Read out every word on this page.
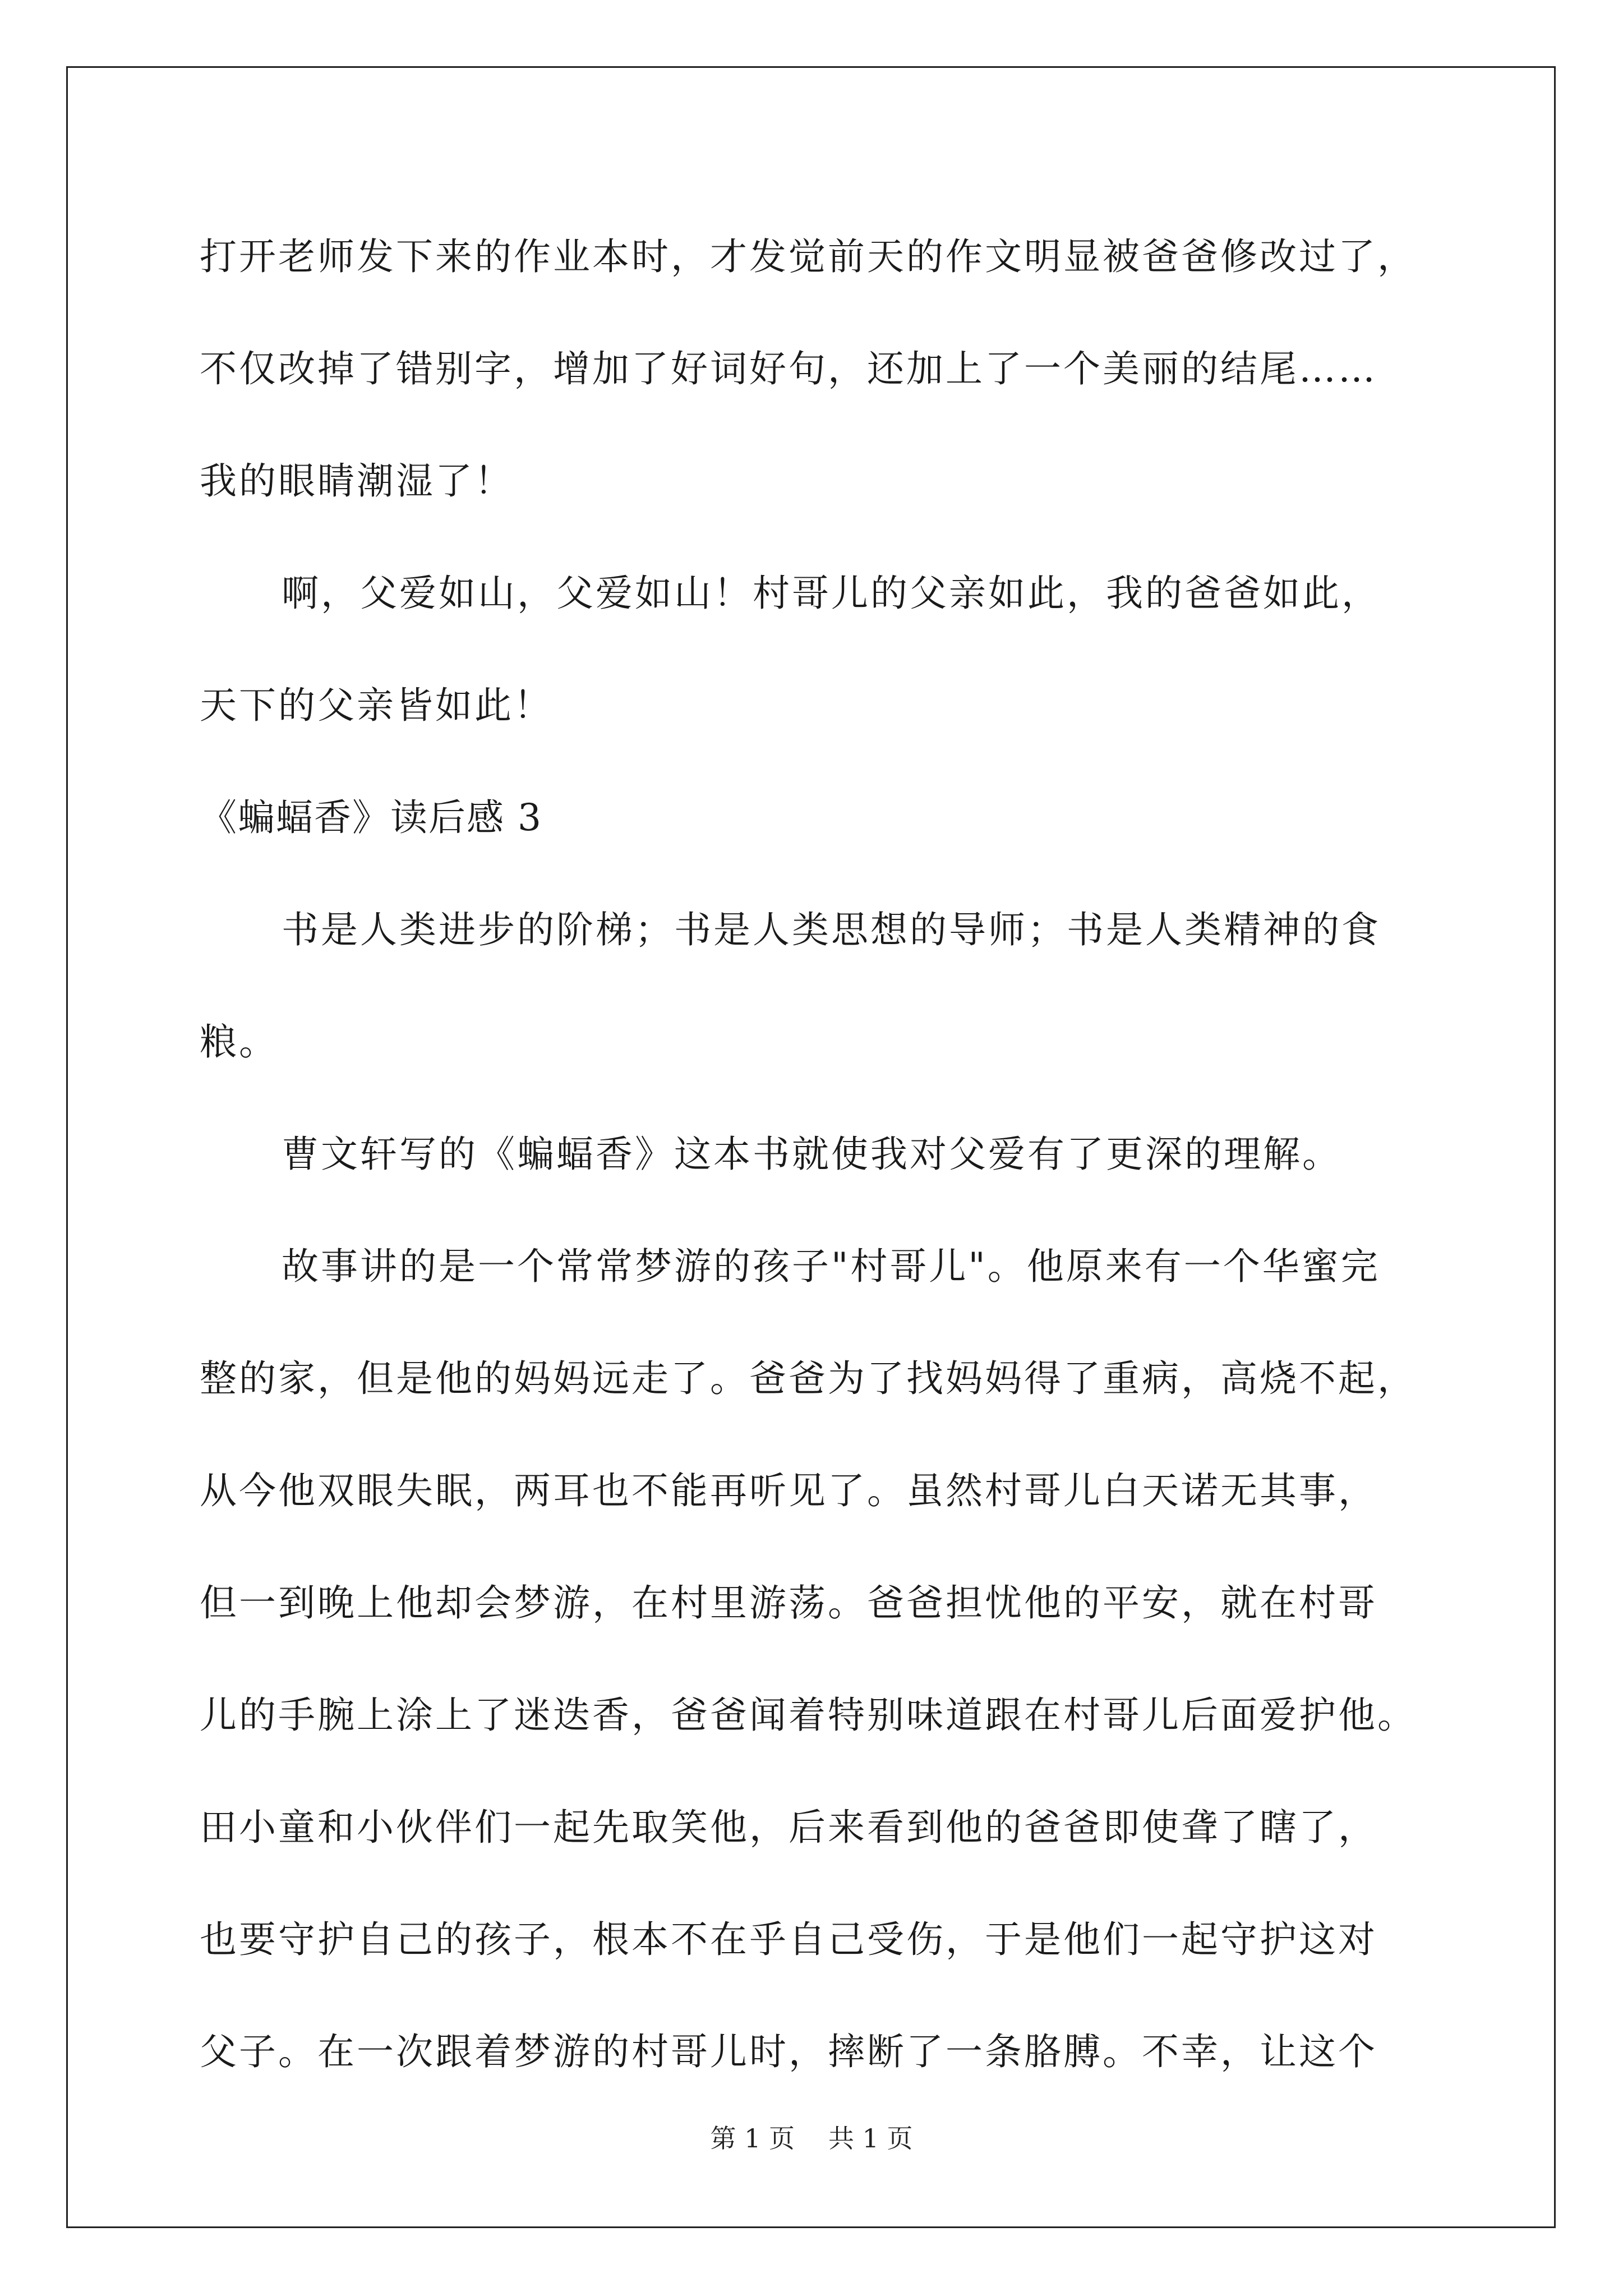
打开老师发下来的作业本时，才发觉前天的作文明显被爸爸修改过了，
不仅改掉了错别字，增加了好词好句，还加上了一个美丽的结尾……
我的眼睛潮湿了！
啊，父爱如山，父爱如山！村哥儿的父亲如此，我的爸爸如此，
天下的父亲皆如此！
《蝙蝠香》读后感 3
书是人类进步的阶梯；书是人类思想的导师；书是人类精神的食
粮。
曹文轩写的《蝙蝠香》这本书就使我对父爱有了更深的理解。
故事讲的是一个常常梦游的孩子"村哥儿"。他原来有一个华蜜完
整的家，但是他的妈妈远走了。爸爸为了找妈妈得了重病，高烧不起，
从今他双眼失眠，两耳也不能再听见了。虽然村哥儿白天诺无其事，
但一到晚上他却会梦游，在村里游荡。爸爸担忧他的平安，就在村哥
儿的手腕上涂上了迷迭香，爸爸闻着特别味道跟在村哥儿后面爱护他。
田小童和小伙伴们一起先取笑他，后来看到他的爸爸即使聋了瞎了，
也要守护自己的孩子，根本不在乎自己受伤，于是他们一起守护这对
父子。在一次跟着梦游的村哥儿时，摔断了一条胳膊。不幸，让这个
第 1 页 共 1 页
